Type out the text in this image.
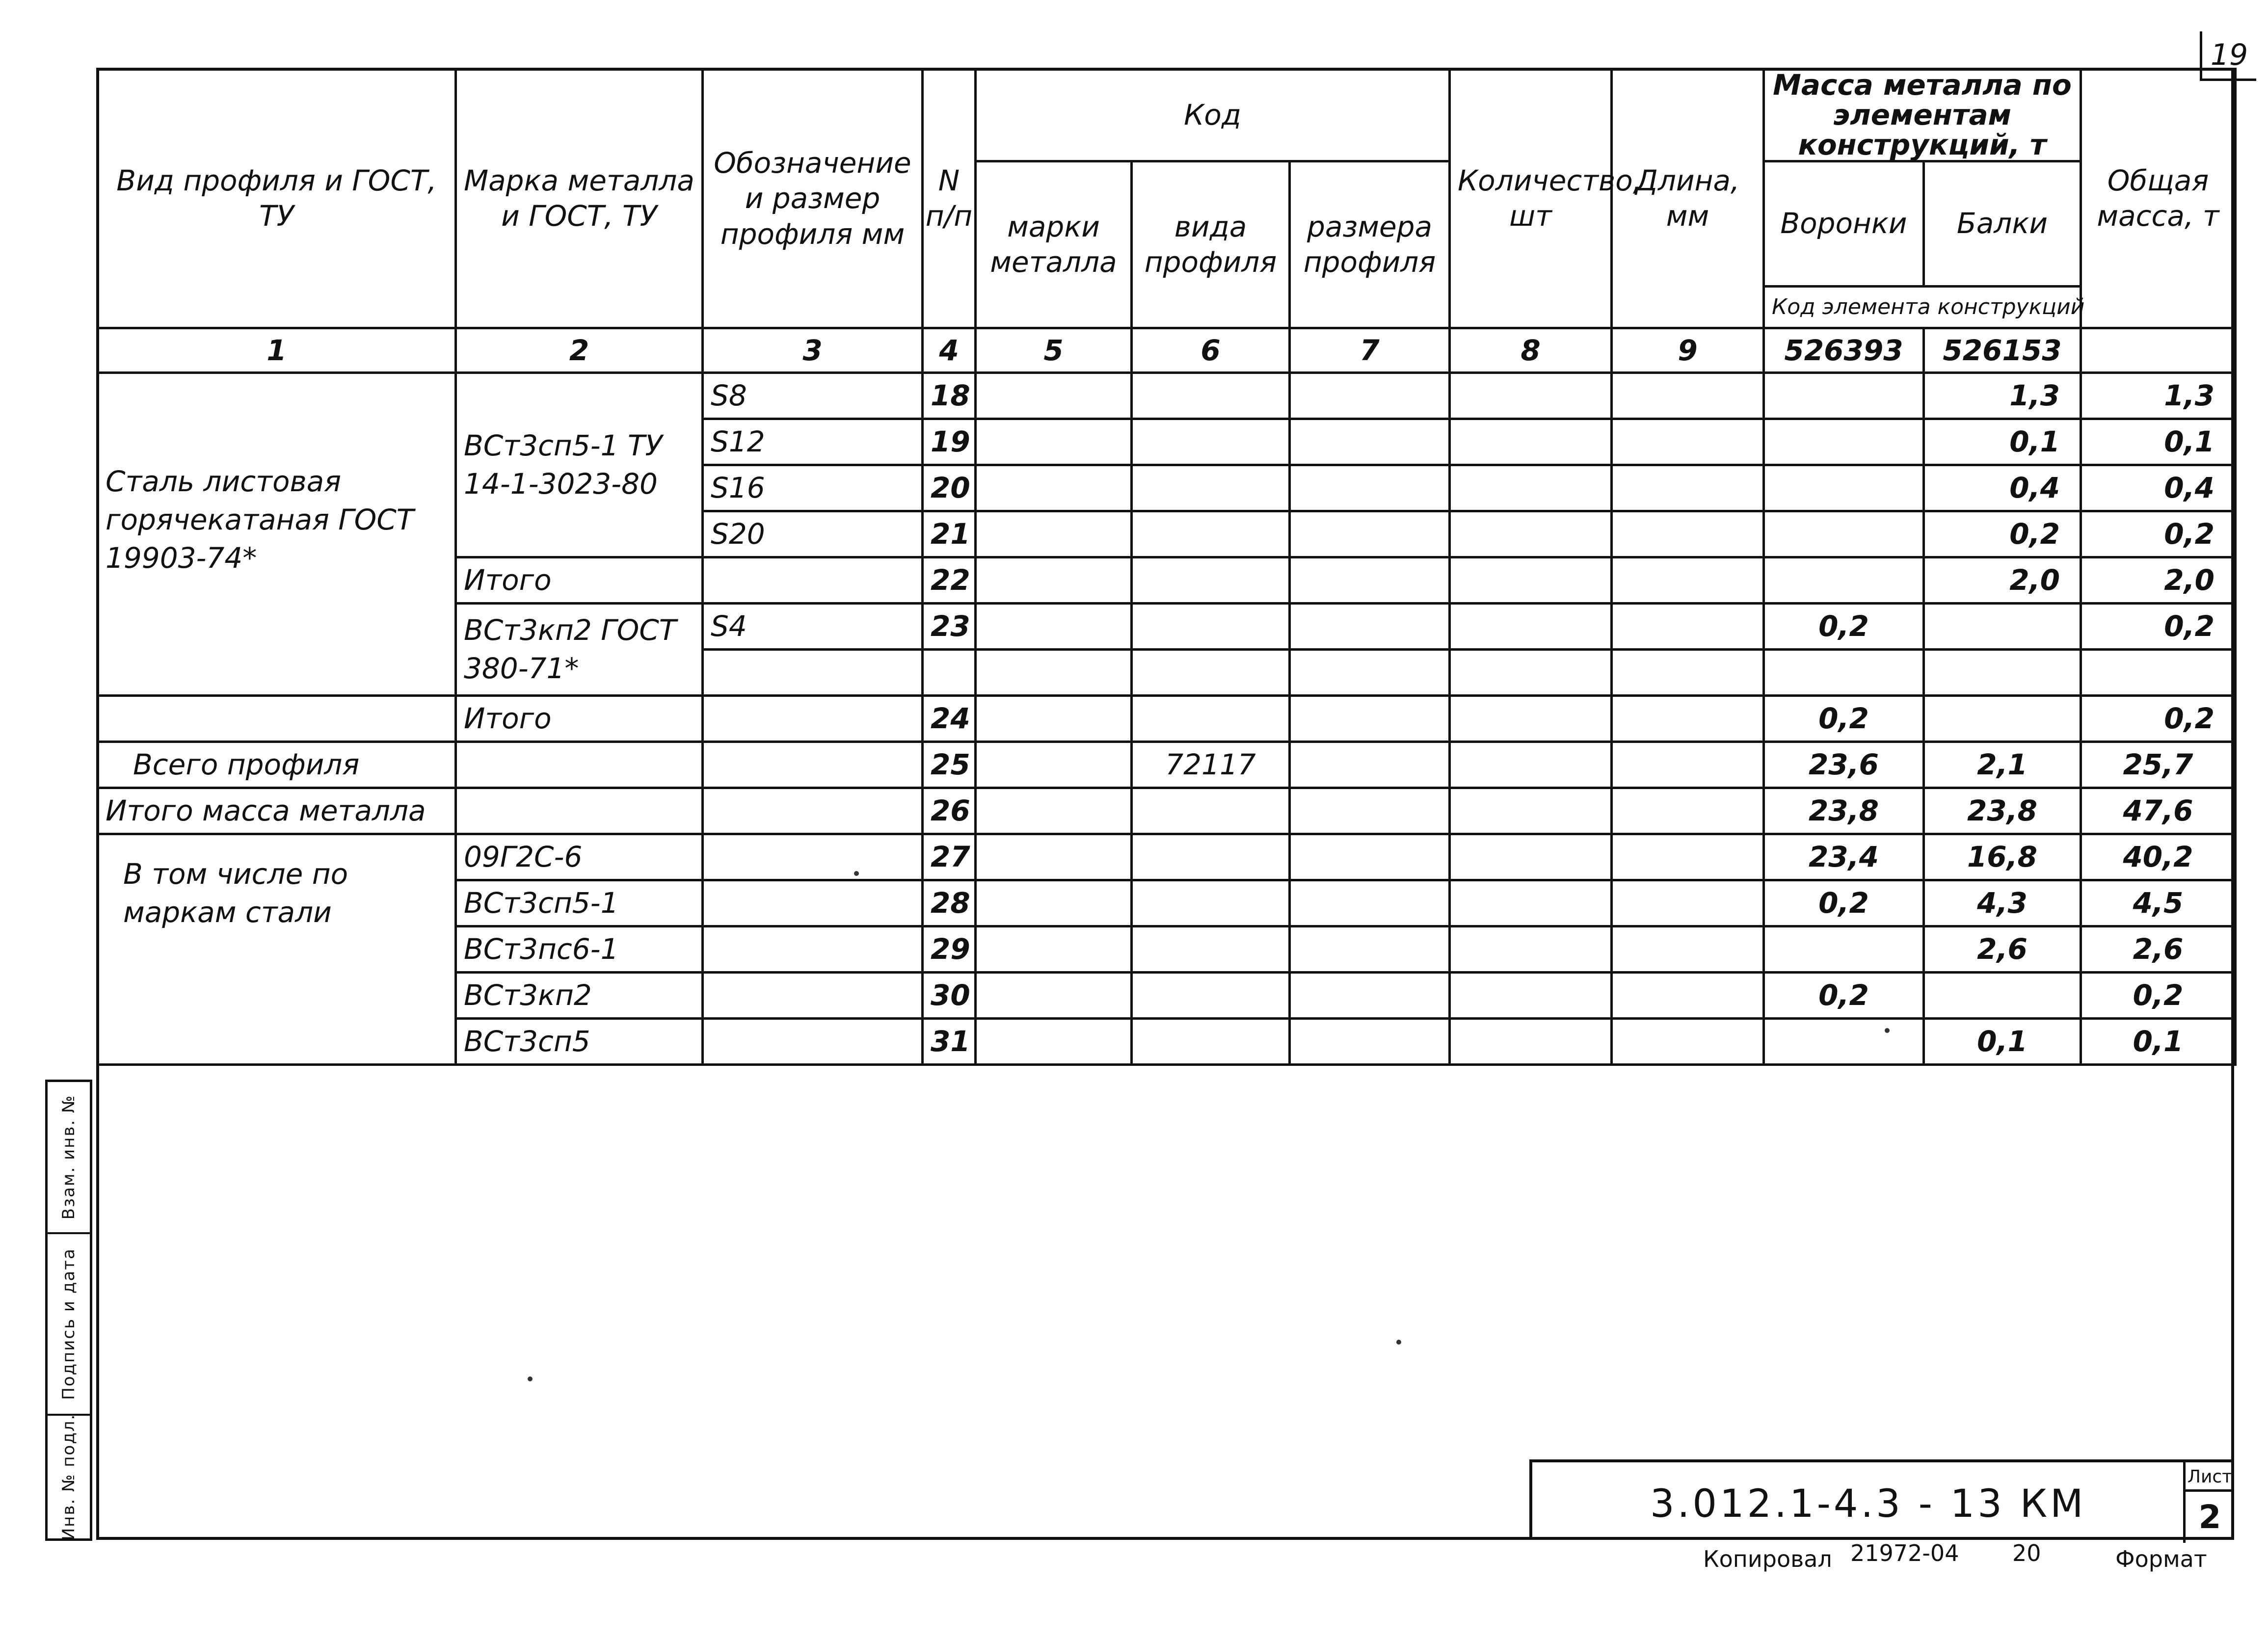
19
Вид профиля и ГОСТ, ТУ	Марка металла и ГОСТ, ТУ	Обозначение и размер профиля мм	N п/п	Код			Количество, шт	Длина, мм	Масса металла по элементам конструкций, т		Общая масса, т
				марки металла	вида профиля	размера профиля			Воронки	Балки	
									Код элемента конструкций		
1	2	3	4	5	6	7	8	9	526393	526153	
Сталь листовая горячекатаная ГОСТ 19903-74*	ВСт3сп5-1 ТУ 14-1-3023-80	S8	18							1,3	1,3
		S12	19							0,1	0,1
		S16	20							0,4	0,4
		S20	21							0,2	0,2
	Итого		22							2,0	2,0
	ВСт3кп2 ГОСТ 380-71*	S4	23						0,2		0,2

	Итого		24						0,2		0,2
Всего профиля			25		72117				23,6	2,1	25,7
Итого масса металла			26						23,8	23,8	47,6
В том числе по маркам стали	09Г2С-6		27						23,4	16,8	40,2
	ВСт3сп5-1		28						0,2	4,3	4,5
	ВСт3пс6-1		29							2,6	2,6
	ВСт3кп2		30						0,2		0,2
	ВСт3сп5		31							0,1	0,1
Взам. инв. №
Подпись и дата
Инв. № подл.	3.012.1-4.3 - 13 КМ
Лист
2
Копировал 21972-04 20	Формат
